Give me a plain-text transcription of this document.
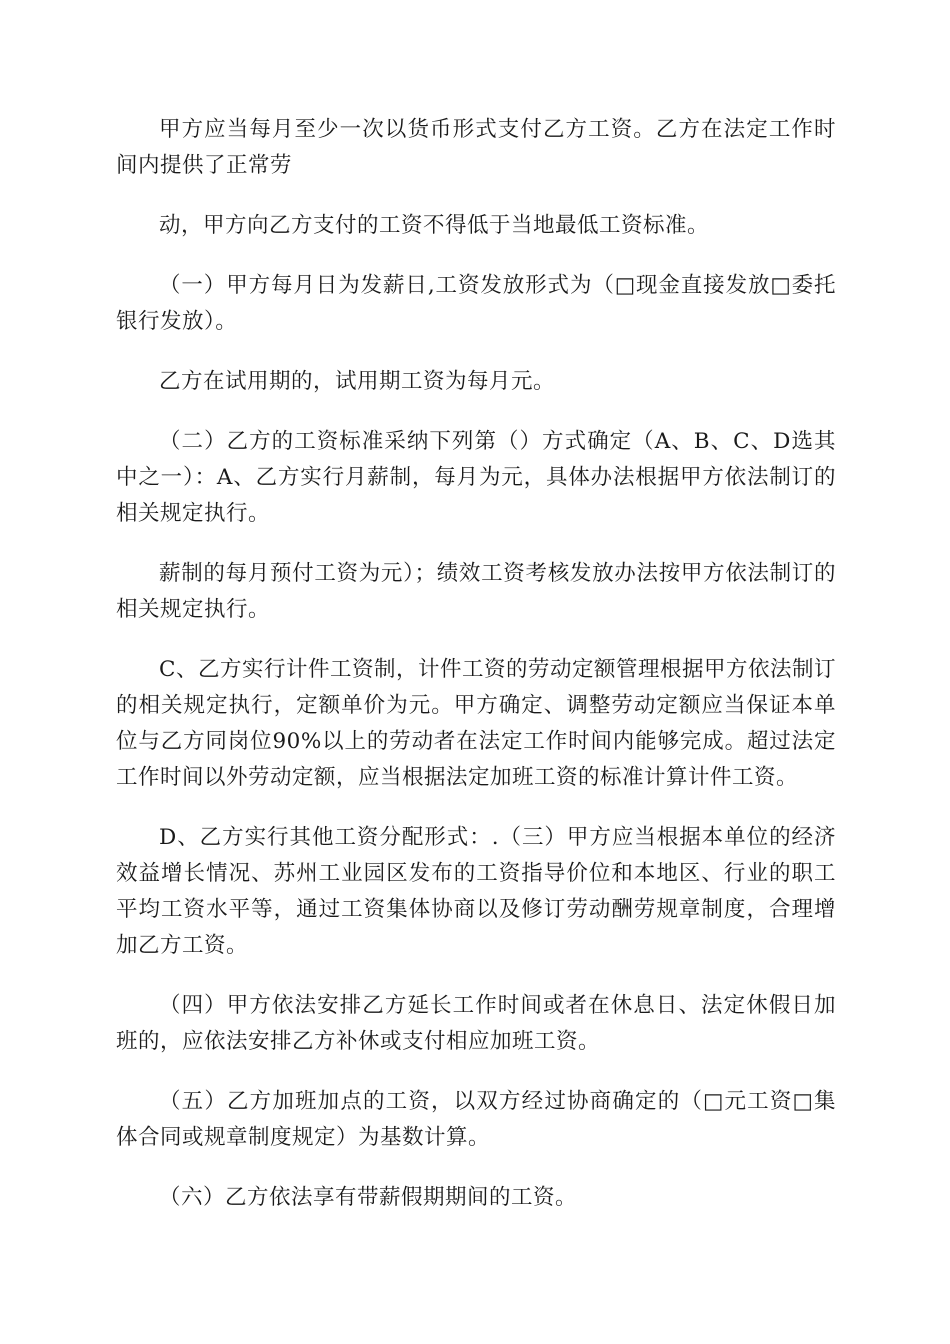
甲方应当每月至少一次以货币形式支付乙方工资。乙方在法定工作时间内提供了正常劳

动，甲方向乙方支付的工资不得低于当地最低工资标准。

（一）甲方每月日为发薪日,工资发放形式为（□现金直接发放□委托银行发放）。

乙方在试用期的，试用期工资为每月元。

（二）乙方的工资标准采纳下列第（）方式确定（A、B、C、D选其中之一）：A、乙方实行月薪制，每月为元，具体办法根据甲方依法制订的相关规定执行。

薪制的每月预付工资为元）；绩效工资考核发放办法按甲方依法制订的相关规定执行。

C、乙方实行计件工资制，计件工资的劳动定额管理根据甲方依法制订的相关规定执行，定额单价为元。甲方确定、调整劳动定额应当保证本单位与乙方同岗位90%以上的劳动者在法定工作时间内能够完成。超过法定工作时间以外劳动定额，应当根据法定加班工资的标准计算计件工资。

D、乙方实行其他工资分配形式：.（三）甲方应当根据本单位的经济效益增长情况、苏州工业园区发布的工资指导价位和本地区、行业的职工平均工资水平等，通过工资集体协商以及修订劳动酬劳规章制度，合理增加乙方工资。

（四）甲方依法安排乙方延长工作时间或者在休息日、法定休假日加班的，应依法安排乙方补休或支付相应加班工资。

（五）乙方加班加点的工资，以双方经过协商确定的（□元工资□集体合同或规章制度规定）为基数计算。

（六）乙方依法享有带薪假期期间的工资。
